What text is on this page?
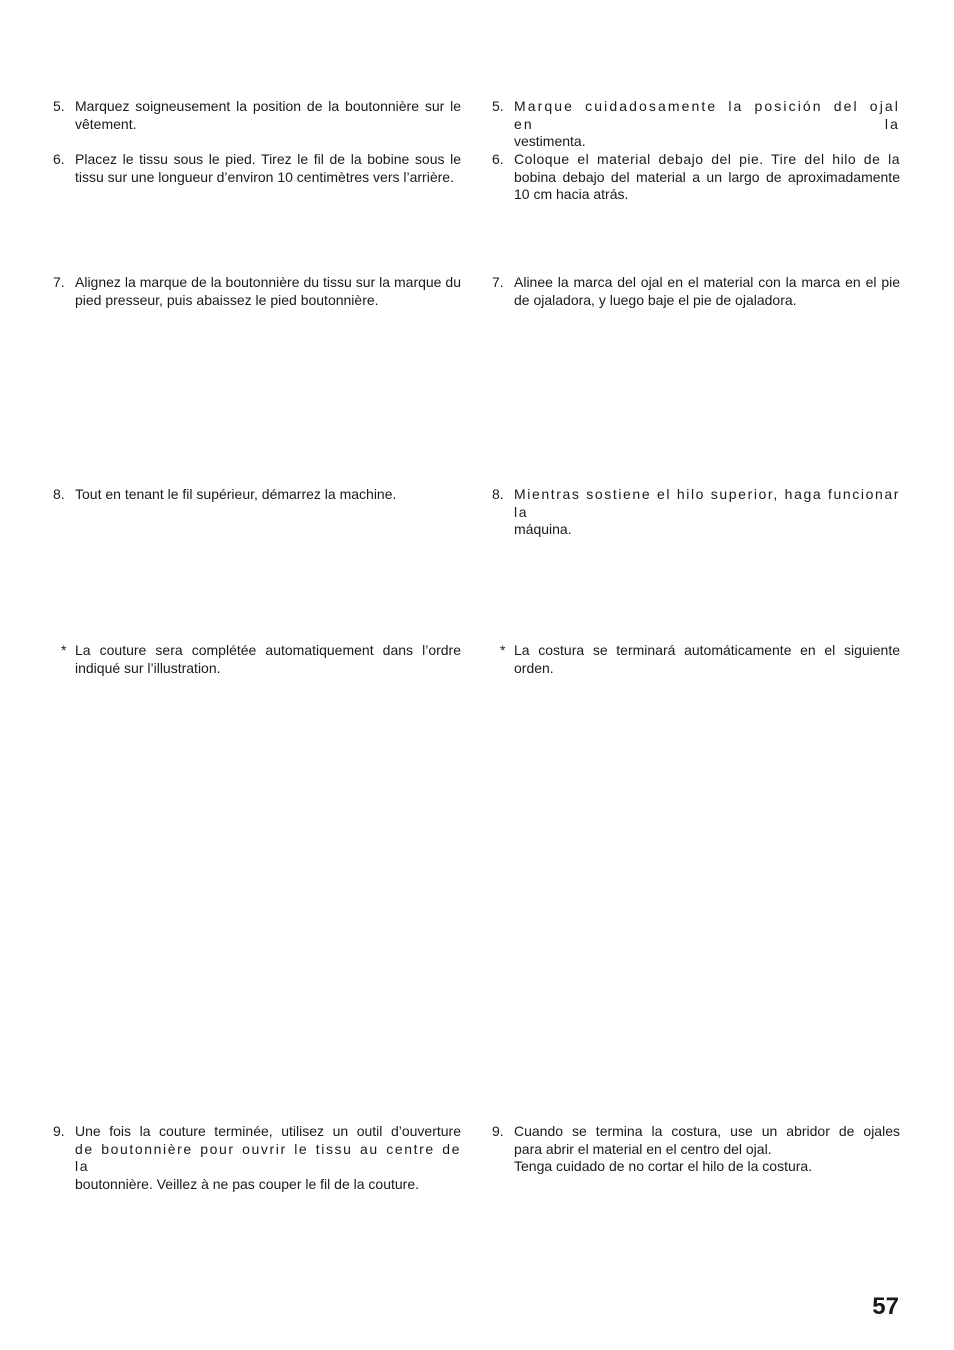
5. Marquez soigneusement la position de la boutonnière sur le vêtement.
6. Placez le tissu sous le pied. Tirez le fil de la bobine sous le tissu sur une longueur d’environ 10 centimètres vers l’arrière.
7. Alignez la marque de la boutonnière du tissu sur la marque du pied presseur, puis abaissez le pied boutonnière.
8. Tout en tenant le fil supérieur, démarrez la machine.
* La couture sera complétée automatiquement dans l’ordre indiqué sur l’illustration.
9. Une fois la couture terminée, utilisez un outil d’ouverture
de boutonnière pour ouvrir le tissu au centre de la
boutonnière. Veillez à ne pas couper le fil de la couture.
5. Marque cuidadosamente la posición del ojal en la
vestimenta.
6. Coloque el material debajo del pie. Tire del hilo de la
bobina debajo del material a un largo de aproximadamente
10 cm hacia atrás.
7. Alinee la marca del ojal en el material con la marca en el pie de ojaladora, y luego baje el pie de ojaladora.
8. Mientras sostiene el hilo superior, haga funcionar la
máquina.
* La costura se terminará automáticamente en el siguiente orden.
9. Cuando se termina la costura, use un abridor de ojales
para abrir el material en el centro del ojal.
Tenga cuidado de no cortar el hilo de la costura.
57
